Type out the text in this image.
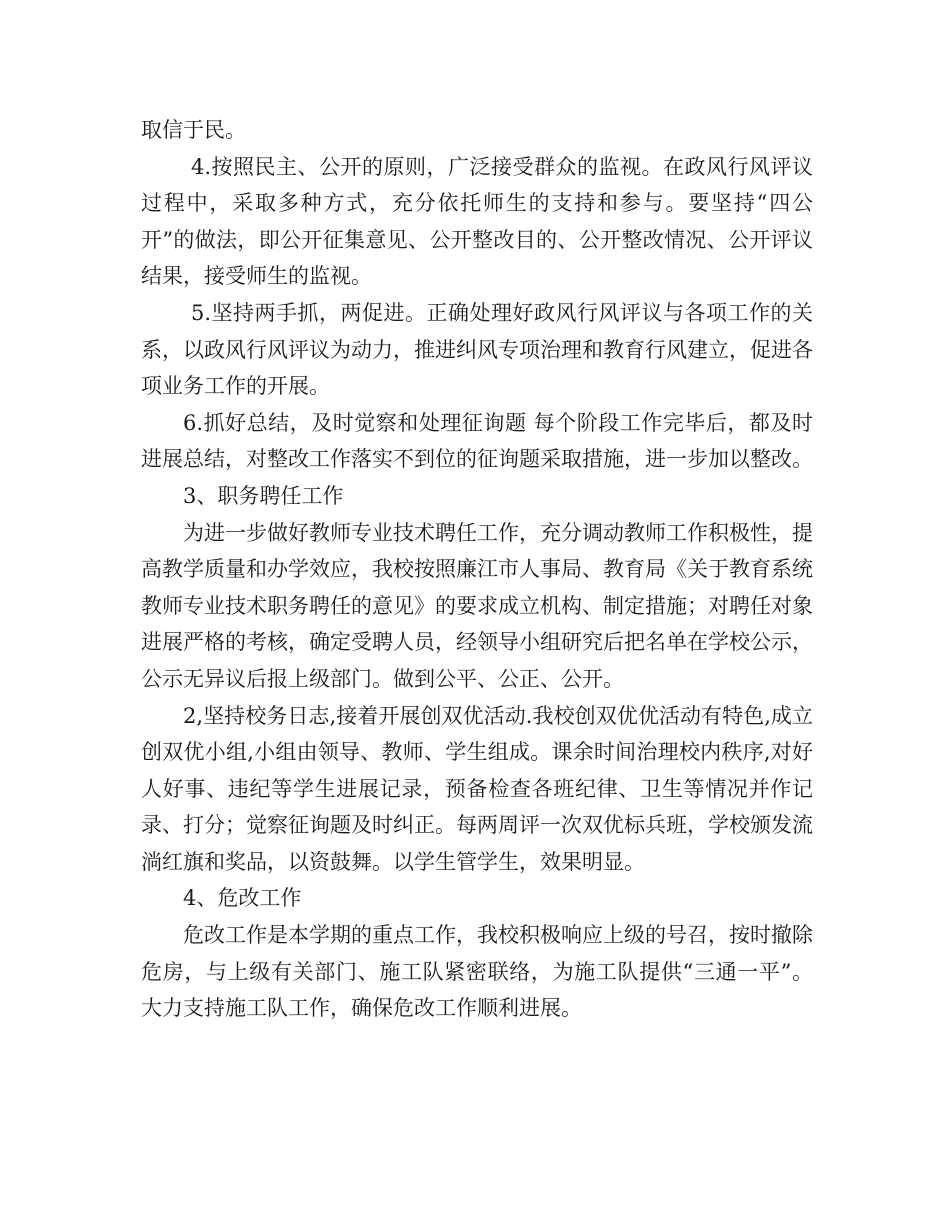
取信于民。

4.按照民主、公开的原则，广泛接受群众的监视。在政风行风评议过程中，采取多种方式，充分依托师生的支持和参与。要坚持“四公开”的做法，即公开征集意见、公开整改目的、公开整改情况、公开评议结果，接受师生的监视。

5.坚持两手抓，两促进。正确处理好政风行风评议与各项工作的关系，以政风行风评议为动力，推进纠风专项治理和教育行风建立，促进各项业务工作的开展。

6.抓好总结，及时觉察和处理征询题 每个阶段工作完毕后，都及时进展总结，对整改工作落实不到位的征询题采取措施，进一步加以整改。

3、职务聘任工作

为进一步做好教师专业技术聘任工作，充分调动教师工作积极性，提高教学质量和办学效应，我校按照廉江市人事局、教育局《关于教育系统教师专业技术职务聘任的意见》的要求成立机构、制定措施；对聘任对象进展严格的考核，确定受聘人员，经领导小组研究后把名单在学校公示，公示无异议后报上级部门。做到公平、公正、公开。

2,坚持校务日志,接着开展创双优活动.我校创双优优活动有特色,成立创双优小组,小组由领导、教师、学生组成。课余时间治理校内秩序,对好人好事、违纪等学生进展记录，预备检查各班纪律、卫生等情况并作记录、打分；觉察征询题及时纠正。每两周评一次双优标兵班，学校颁发流淌红旗和奖品，以资鼓舞。以学生管学生，效果明显。

4、危改工作

危改工作是本学期的重点工作，我校积极响应上级的号召，按时撤除危房，与上级有关部门、施工队紧密联络，为施工队提供“三通一平”。大力支持施工队工作，确保危改工作顺利进展。
